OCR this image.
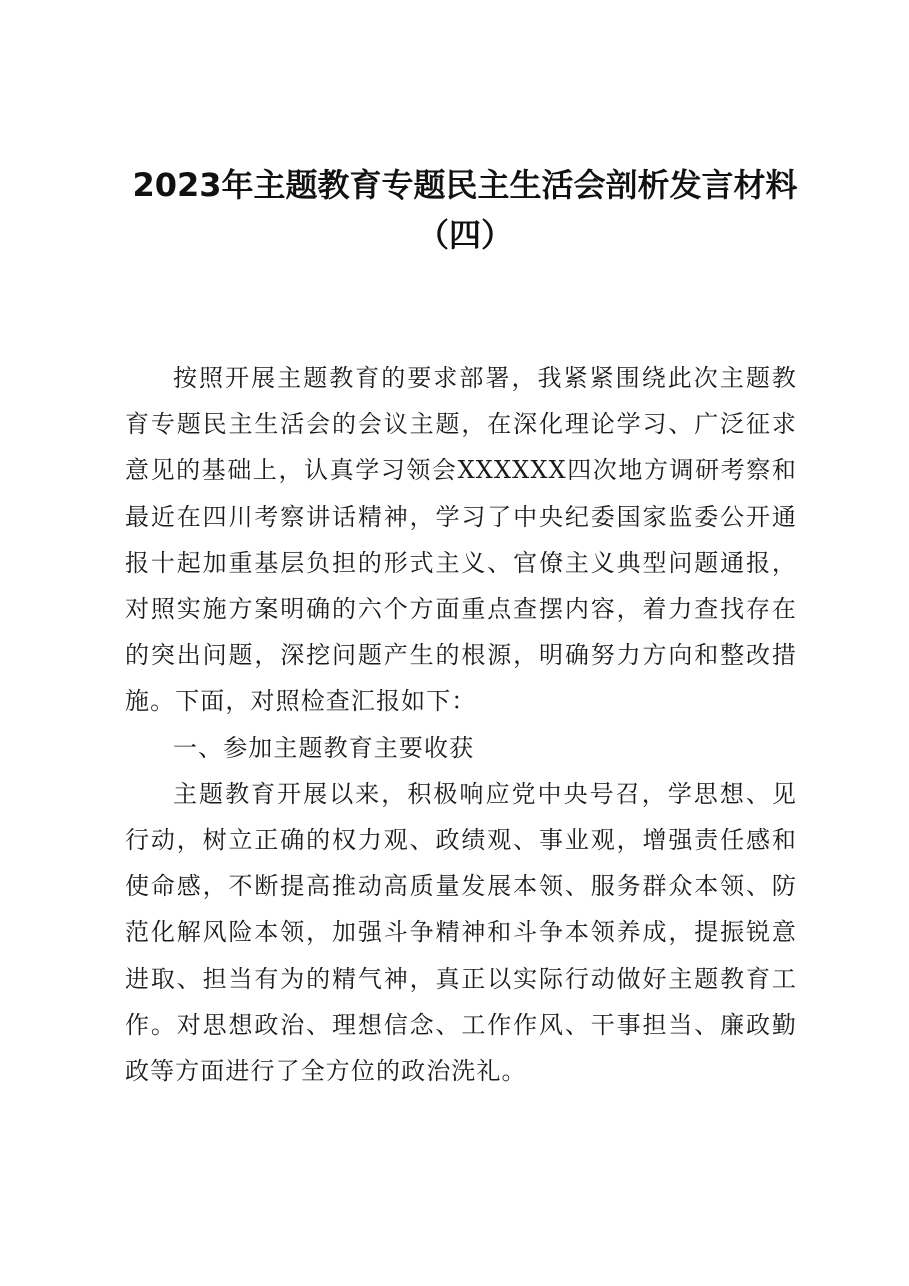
2023年主题教育专题民主生活会剖析发言材料（四）

按照开展主题教育的要求部署，我紧紧围绕此次主题教育专题民主生活会的会议主题，在深化理论学习、广泛征求意见的基础上，认真学习领会XXXXXX四次地方调研考察和最近在四川考察讲话精神，学习了中央纪委国家监委公开通报十起加重基层负担的形式主义、官僚主义典型问题通报，对照实施方案明确的六个方面重点查摆内容，着力查找存在的突出问题，深挖问题产生的根源，明确努力方向和整改措施。下面，对照检查汇报如下：

一、参加主题教育主要收获

主题教育开展以来，积极响应党中央号召，学思想、见行动，树立正确的权力观、政绩观、事业观，增强责任感和使命感，不断提高推动高质量发展本领、服务群众本领、防范化解风险本领，加强斗争精神和斗争本领养成，提振锐意进取、担当有为的精气神，真正以实际行动做好主题教育工作。对思想政治、理想信念、工作作风、干事担当、廉政勤政等方面进行了全方位的政治洗礼。
